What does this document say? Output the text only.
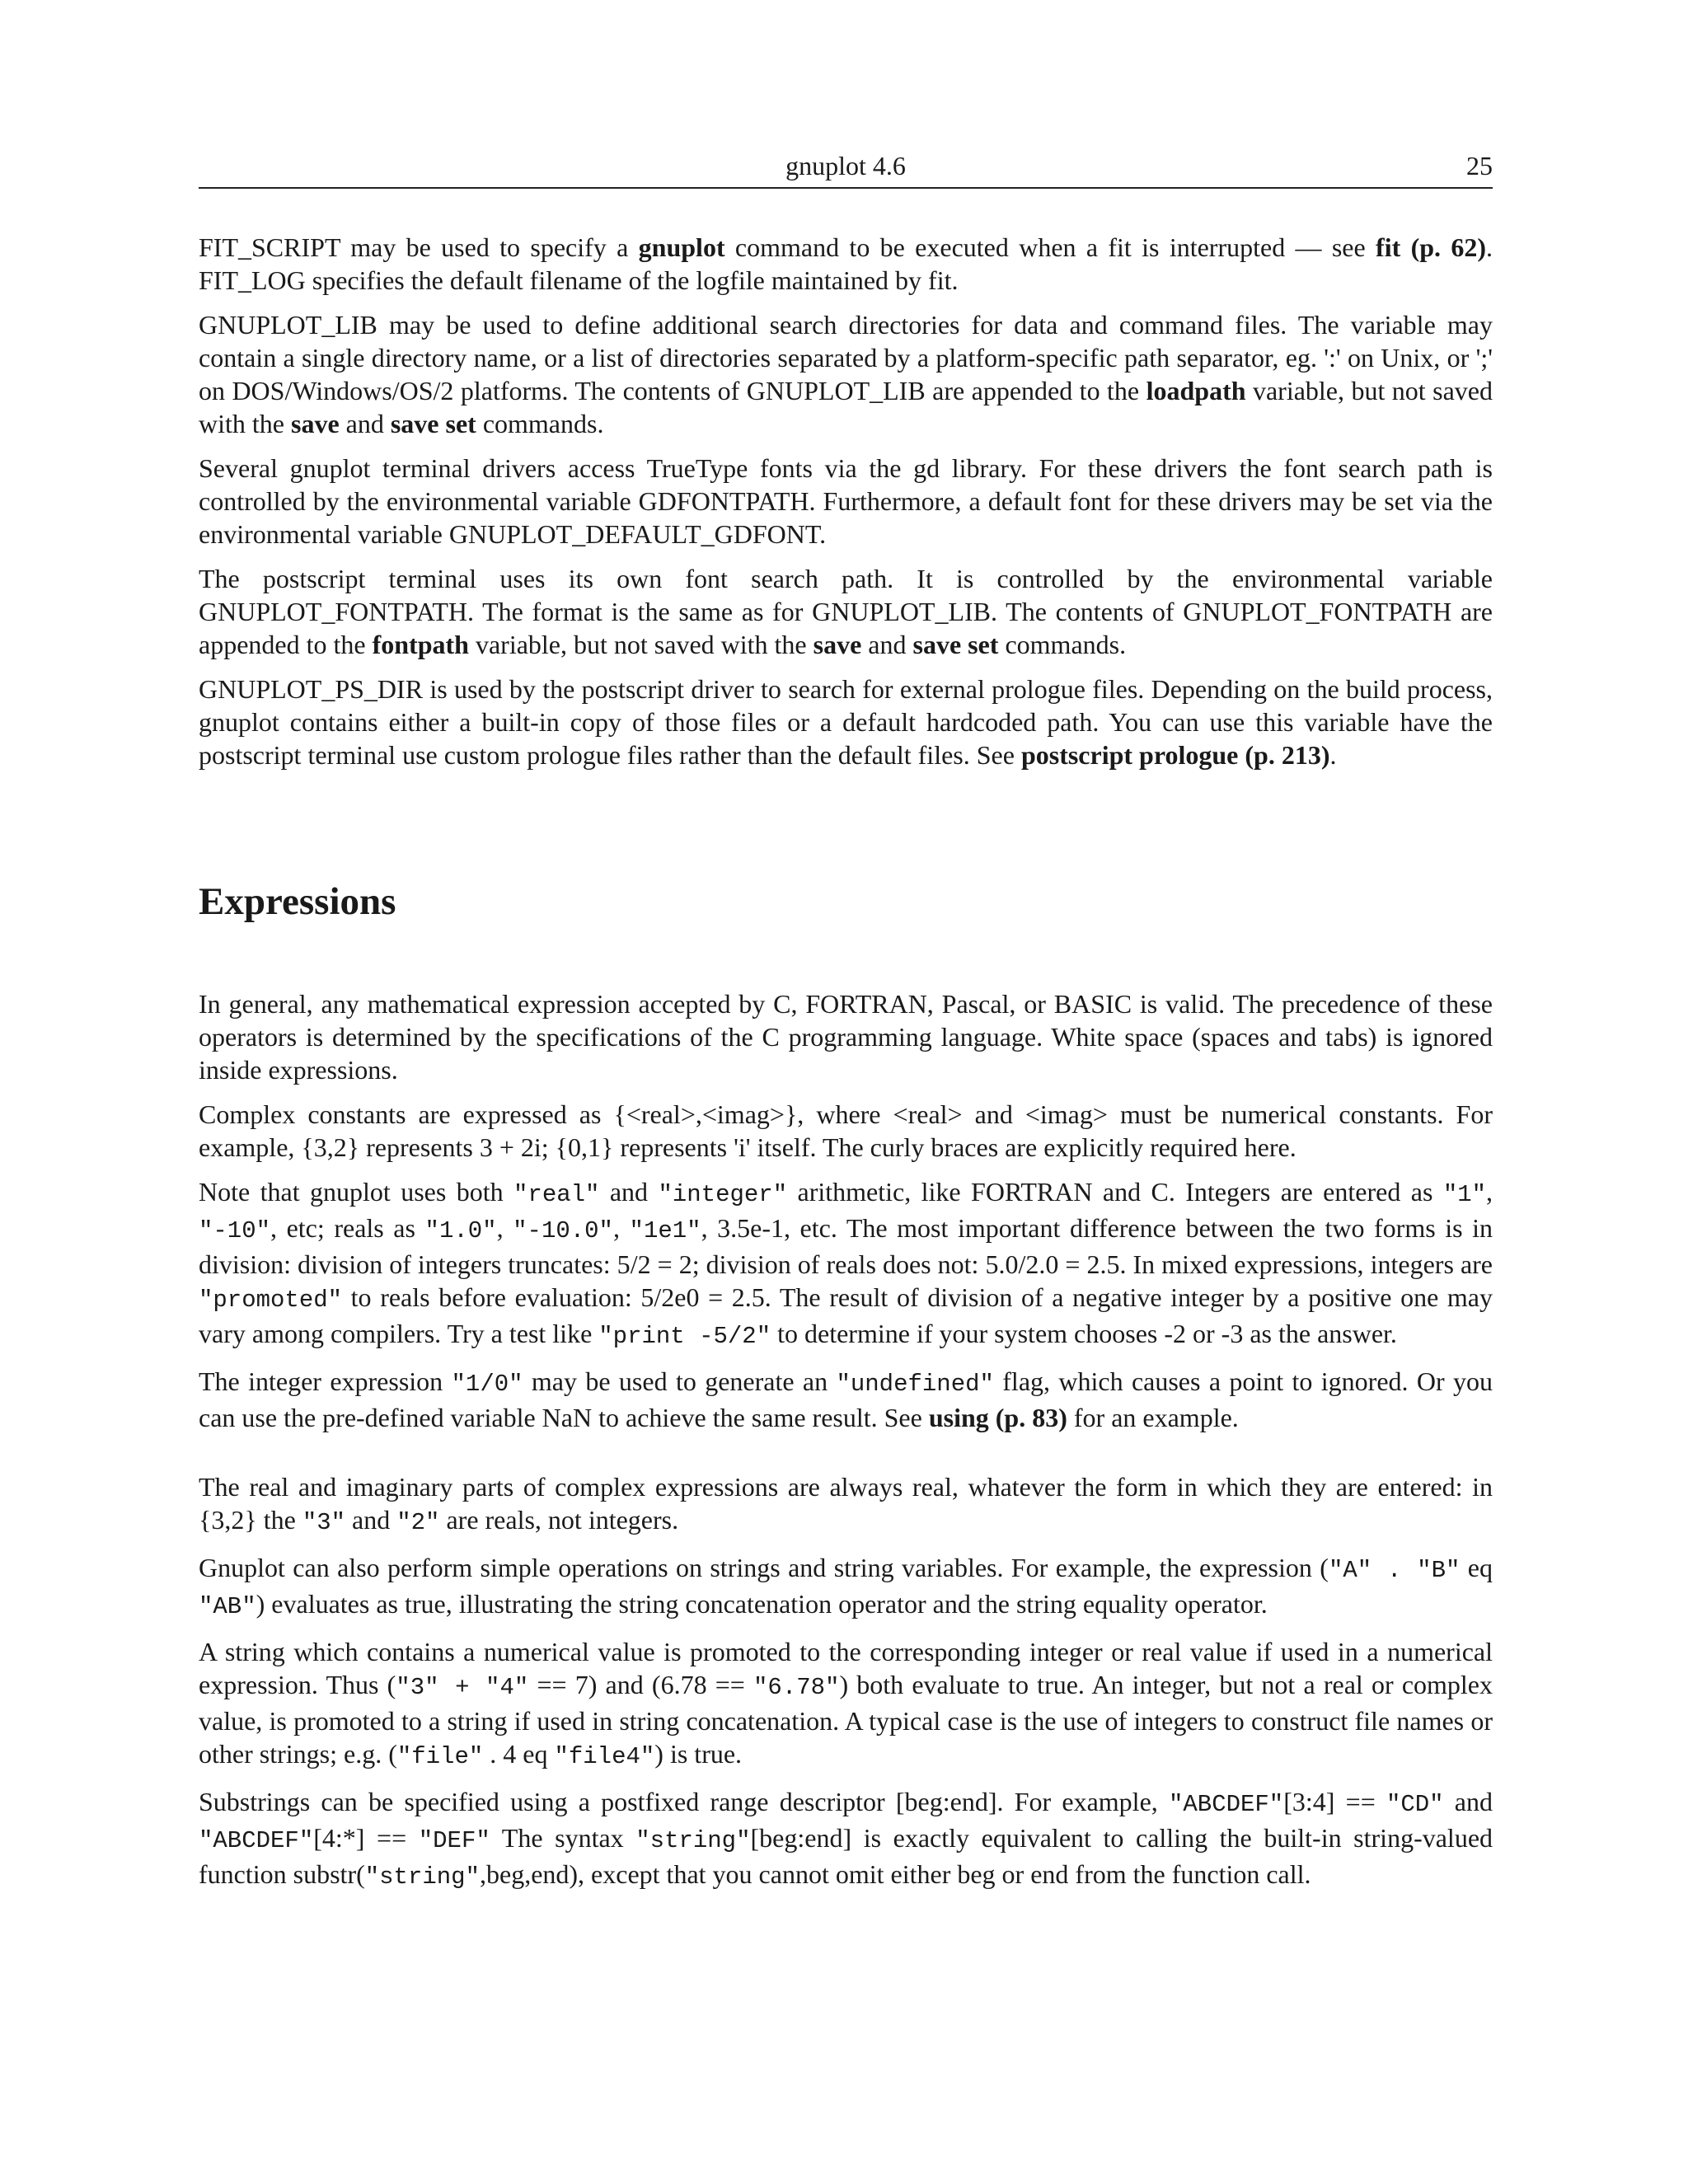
gnuplot 4.6	25

FIT_SCRIPT may be used to specify a gnuplot command to be executed when a fit is interrupted — see fit (p. 62). FIT_LOG specifies the default filename of the logfile maintained by fit.

GNUPLOT_LIB may be used to define additional search directories for data and command files. The variable may contain a single directory name, or a list of directories separated by a platform-specific path separator, eg. ':' on Unix, or ';' on DOS/Windows/OS/2 platforms. The contents of GNUPLOT_LIB are appended to the loadpath variable, but not saved with the save and save set commands.

Several gnuplot terminal drivers access TrueType fonts via the gd library. For these drivers the font search path is controlled by the environmental variable GDFONTPATH. Furthermore, a default font for these drivers may be set via the environmental variable GNUPLOT_DEFAULT_GDFONT.

The postscript terminal uses its own font search path. It is controlled by the environmental variable GNUPLOT_FONTPATH. The format is the same as for GNUPLOT_LIB. The contents of GNUPLOT_FONTPATH are appended to the fontpath variable, but not saved with the save and save set commands.

GNUPLOT_PS_DIR is used by the postscript driver to search for external prologue files. Depending on the build process, gnuplot contains either a built-in copy of those files or a default hardcoded path. You can use this variable have the postscript terminal use custom prologue files rather than the default files. See postscript prologue (p. 213).

Expressions

In general, any mathematical expression accepted by C, FORTRAN, Pascal, or BASIC is valid. The precedence of these operators is determined by the specifications of the C programming language. White space (spaces and tabs) is ignored inside expressions.

Complex constants are expressed as {<real>,<imag>}, where <real> and <imag> must be numerical constants. For example, {3,2} represents 3 + 2i; {0,1} represents 'i' itself. The curly braces are explicitly required here.

Note that gnuplot uses both "real" and "integer" arithmetic, like FORTRAN and C. Integers are entered as "1", "-10", etc; reals as "1.0", "-10.0", "1e1", 3.5e-1, etc. The most important difference between the two forms is in division: division of integers truncates: 5/2 = 2; division of reals does not: 5.0/2.0 = 2.5. In mixed expressions, integers are "promoted" to reals before evaluation: 5/2e0 = 2.5. The result of division of a negative integer by a positive one may vary among compilers. Try a test like "print -5/2" to determine if your system chooses -2 or -3 as the answer.

The integer expression "1/0" may be used to generate an "undefined" flag, which causes a point to ignored. Or you can use the pre-defined variable NaN to achieve the same result. See using (p. 83) for an example.

The real and imaginary parts of complex expressions are always real, whatever the form in which they are entered: in {3,2} the "3" and "2" are reals, not integers.

Gnuplot can also perform simple operations on strings and string variables. For example, the expression ("A" . "B" eq "AB") evaluates as true, illustrating the string concatenation operator and the string equality operator.

A string which contains a numerical value is promoted to the corresponding integer or real value if used in a numerical expression. Thus ("3" + "4" == 7) and (6.78 == "6.78") both evaluate to true. An integer, but not a real or complex value, is promoted to a string if used in string concatenation. A typical case is the use of integers to construct file names or other strings; e.g. ("file" . 4 eq "file4") is true.

Substrings can be specified using a postfixed range descriptor [beg:end]. For example, "ABCDEF"[3:4] == "CD" and "ABCDEF"[4:*] == "DEF" The syntax "string"[beg:end] is exactly equivalent to calling the built-in string-valued function substr("string",beg,end), except that you cannot omit either beg or end from the function call.
